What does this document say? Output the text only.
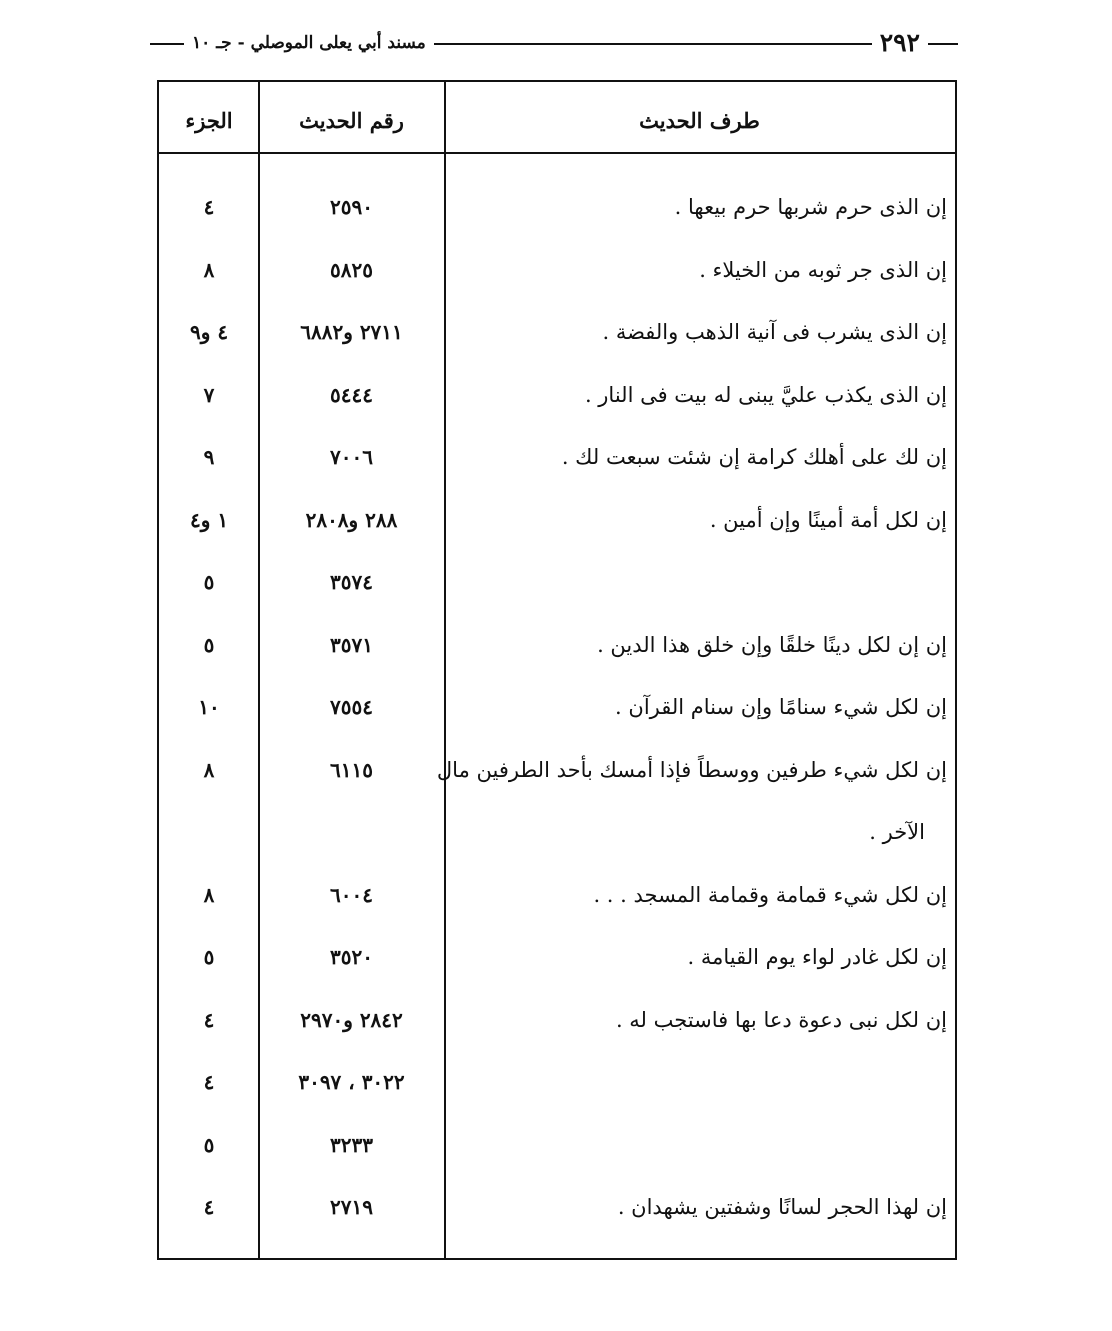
٢٩٢
مسند أبي يعلى الموصلي - جـ ١٠
طرف الحديث
رقم الحديث
الجزء
إن الذى حرم شربها حرم بيعها .
٢٥٩٠
٤
إن الذى جر ثوبه من الخيلاء .
٥٨٢٥
٨
إن الذى يشرب فى آنية الذهب والفضة .
٢٧١١ و٦٨٨٢
٤ و٩
إن الذى يكذب عليَّ يبنى له بيت فى النار .
٥٤٤٤
٧
إن لك على أهلك كرامة إن شئت سبعت لك .
٧٠٠٦
٩
إن لكل أمة أمينًا وإن أمين .
٢٨٨ و٢٨٠٨
١ و٤
٣٥٧٤
٥
إن إن لكل دينًا خلقًا وإن خلق هذا الدين .
٣٥٧١
٥
إن لكل شيء سنامًا وإن سنام القرآن .
٧٥٥٤
١٠
إن لكل شيء طرفين ووسطاً فإذا أمسك بأحد الطرفين مال
٦١١٥
٨
الآخر .
إن لكل شيء قمامة وقمامة المسجد . . .
٦٠٠٤
٨
إن لكل غادر لواء يوم القيامة .
٣٥٢٠
٥
إن لكل نبى دعوة دعا بها فاستجب له .
٢٨٤٢ و٢٩٧٠
٤
٣٠٢٢ ، ٣٠٩٧
٤
٣٢٣٣
٥
إن لهذا الحجر لسانًا وشفتين يشهدان .
٢٧١٩
٤
